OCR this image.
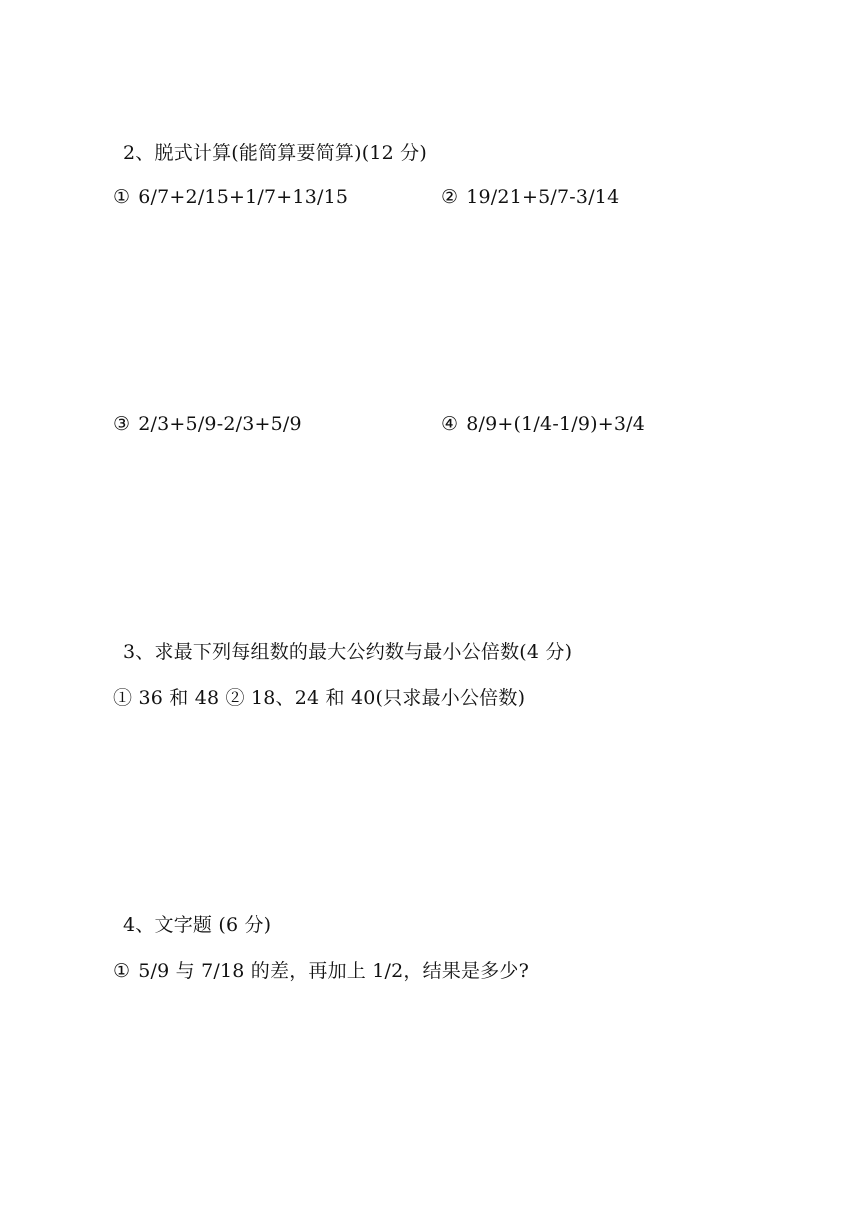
2、脱式计算(能简算要简算)(12 分)
① 6/7+2/15+1/7+13/15	② 19/21+5/7-3/14
③ 2/3+5/9-2/3+5/9	④ 8/9+(1/4-1/9)+3/4
3、求最下列每组数的最大公约数与最小公倍数(4 分)
① 36 和 48 ② 18、24 和 40(只求最小公倍数)
4、文字题 (6 分)
① 5/9 与 7/18 的差，再加上 1/2，结果是多少?
